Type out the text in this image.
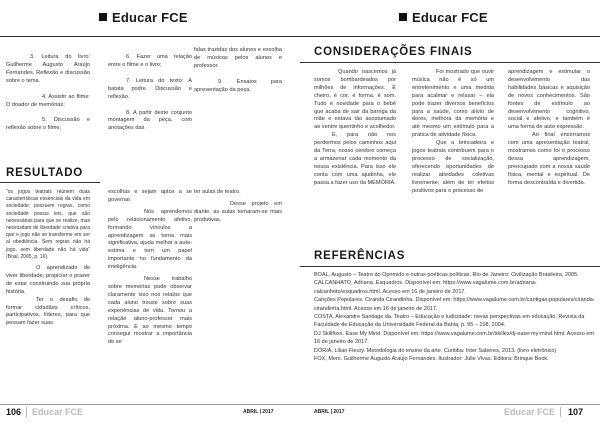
Educar FCE

3. Leitura do livro: Guilherme Augusto Araújo Fernandes. Reflexão e discussão sobre o tema.

4. Assistir ao filme: O doador de memórias;

5. Discussão e reflexão sobre o filme;

6. Fazer uma relação entre o filme e o livro;

7. Leitura do texto: A batata podre. Discussão e reflexão.

8. A partir deste conjunto montagem da peça, com anotações das

falas trazidas dos alunos e escolha de músicas pelos alunos e professor.

9. Ensaios para apresentação da peça.

RESULTADO

“os jogos teatrais reúnem duas características essenciais da vida em sociedade: possuem regras, como sociedade possui leis, que são necessárias para que se realize, mas necessitam de liberdade criativa para que o jogo não se transforme em ser al obediência. Sem regras não há jogo, sem liberdade não há vida” (Boal, 2005, p. 16).

O aprendizado de viver liberdade, propiciar o prazer de estar construindo sua própria história.

Ter o desafio de formar cidadãos críticos, participativos, líderes, para que possam fazer suas

escolhas e sejam aptos a se governar.

Nós aprendemos pelo relacionamento afetivo, formando vínculos a aprendizagem se torna mais significativa, ajuda melhor a auto-estima e tem um papel importante no fundamento da inteligência.

Nesse trabalho sobre memórias pude observar claramente isso nos relatos que cada aluno trouxe sobre suas experiências de vida. Tornou a relação aluno-professor mais próxima. E ao mesmo tempo consegui mostrar a importância de se

ter aulas de teatro.

Desse projeto em diante, as aulas tornaram-se mais produtivas.

106 Educar FCE	ABRIL | 2017
Educar FCE
CONSIDERAÇÕES FINAIS

Quando nascemos já somos bombardeados por milhões de informações. É cheiro, é cor, é forma, é som. Tudo é novidade para o bebê que acaba de sair da barriga da mãe e estava tão acostumado ao ventre quentinho e acolhedor.

E, para não nos perdermos pelos caminhos aqui da Terra, nosso cérebro começa a armazenar cada momento da nossa existência. Para isso ele conta com uma ajudinha, ele passa a fazer uso da MEMÓRIA.

Foi mostrado que ouvir música não é só um entretenimento e uma medida para acalmar e relaxar – ela pode trazer diversos benefícios para a saúde, como alívio de dores, melhora da memória e até mesmo um estímulo para a prática de atividade física.

Que a brincadeira e jogos teatrais contribuem para o processo de socialização, oferecendo oportunidades de realizar atividades coletivas livremente; além de ter efeitos positivos para o processo de

aprendizagem e estimular o desenvolvimento das habilidades básicas e aquisição de novos conhecimentos. São fontes de estímulo ao desenvolvimento cognitivo, social e afetivo, e também é uma forma de auto expressão.

Ao final encerramos com uma apresentação teatral, mostramos como foi o processo dessa aprendizagem, preocupado com a nossa saúde física, mental e espiritual. De forma descontraída e divertida.

REFERÊNCIAS

BOAL, Augusto – Teatro do Oprimido e outras poéticas políticas. Rio de Janeiro: Civilização Brasileira, 2005.

CALCANHATO, Adriana. Esquadros. Disponível em: https://www.vagalume.com.br/adriana-calcanhoto/esquadros.html. Acesso em 16 de janeiro de 2017.

Canções Populares. Ciranda Cirandinha. Disponível em: https://www.vagalume.com.br/cantigas-populares/ciranda-cirandinha.html. Acesso em 16 de janeiro de 2017.

COSTA, Alexandre Santiago da. Teatro – Educação e ludicidade: novas perspectivas em educação. Revista da Faculdade de Educação da Universidade Federal da Bahia, p. 95 – 108, 2004.

DJ Skillfoxx. Ease My Mind. Disponível em: https://www.vagalume.com.br/skillex/dj-ease-my-mind.html. Acesso em 16 de janeiro de 2017.

DÓRIA, Lilian Fleury. Metodologia do ensino da arte. Curitiba: Inter Saberes, 2013. (livro eletrônico)

FOX, Mem. Guilherme Augusto Araújo Fernandes. Ilustrador: Julie Vivas. Editora: Brinque Book.

ABRIL | 2017	Educar FCE 107
